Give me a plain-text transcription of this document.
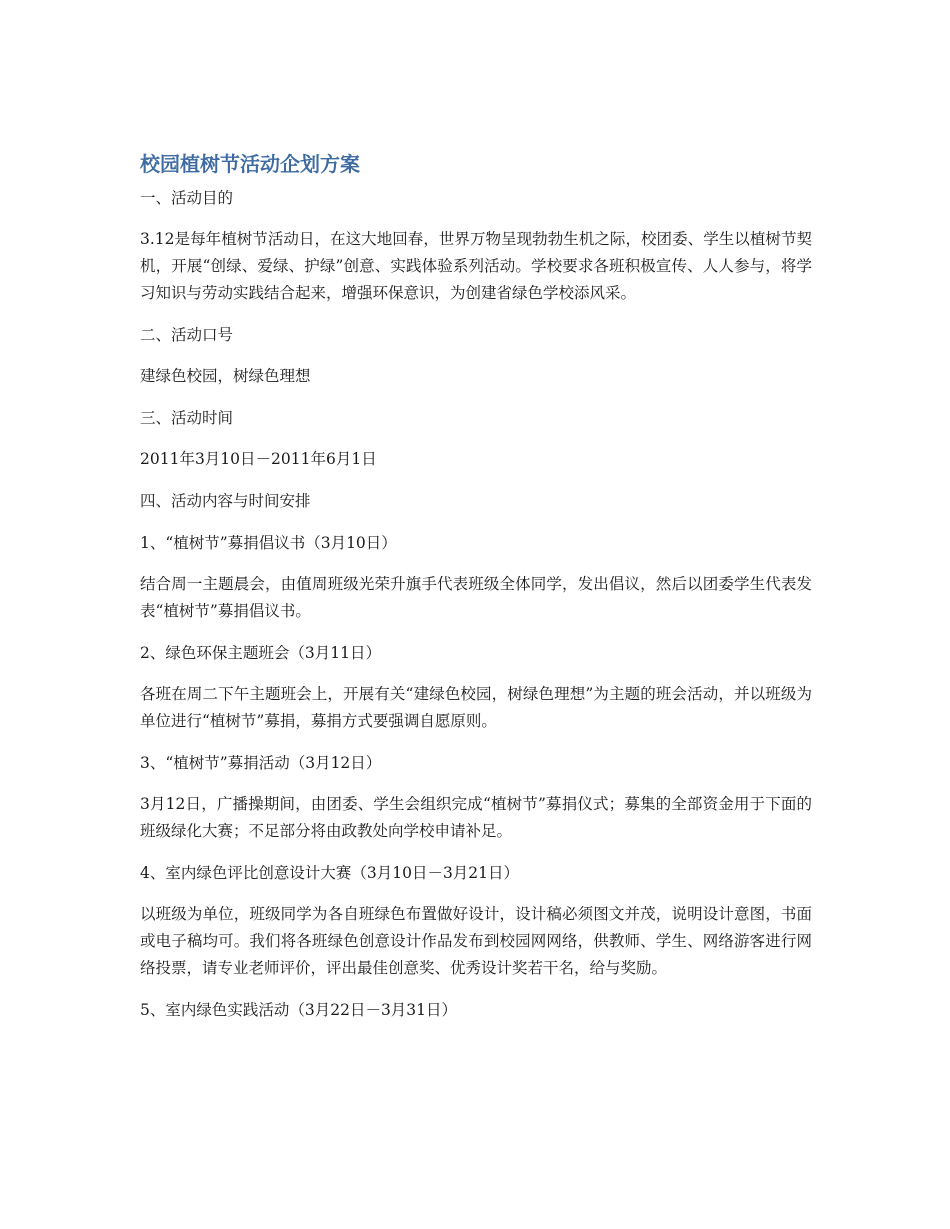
校园植树节活动企划方案
一、活动目的
3.12是每年植树节活动日，在这大地回春，世界万物呈现勃勃生机之际，校团委、学生以植树节契机，开展“创绿、爱绿、护绿”创意、实践体验系列活动。学校要求各班积极宣传、人人参与，将学习知识与劳动实践结合起来，增强环保意识，为创建省绿色学校添风采。
二、活动口号
建绿色校园，树绿色理想
三、活动时间
2011年3月10日－2011年6月1日
四、活动内容与时间安排
1、“植树节”募捐倡议书（3月10日）
结合周一主题晨会，由值周班级光荣升旗手代表班级全体同学，发出倡议，然后以团委学生代表发表“植树节”募捐倡议书。
2、绿色环保主题班会（3月11日）
各班在周二下午主题班会上，开展有关“建绿色校园，树绿色理想”为主题的班会活动，并以班级为单位进行“植树节”募捐，募捐方式要强调自愿原则。
3、“植树节”募捐活动（3月12日）
3月12日，广播操期间，由团委、学生会组织完成“植树节”募捐仪式；募集的全部资金用于下面的班级绿化大赛；不足部分将由政教处向学校申请补足。
4、室内绿色评比创意设计大赛（3月10日－3月21日）
以班级为单位，班级同学为各自班绿色布置做好设计，设计稿必须图文并茂，说明设计意图，书面或电子稿均可。我们将各班绿色创意设计作品发布到校园网网络，供教师、学生、网络游客进行网络投票，请专业老师评价，评出最佳创意奖、优秀设计奖若干名，给与奖励。
5、室内绿色实践活动（3月22日－3月31日）
